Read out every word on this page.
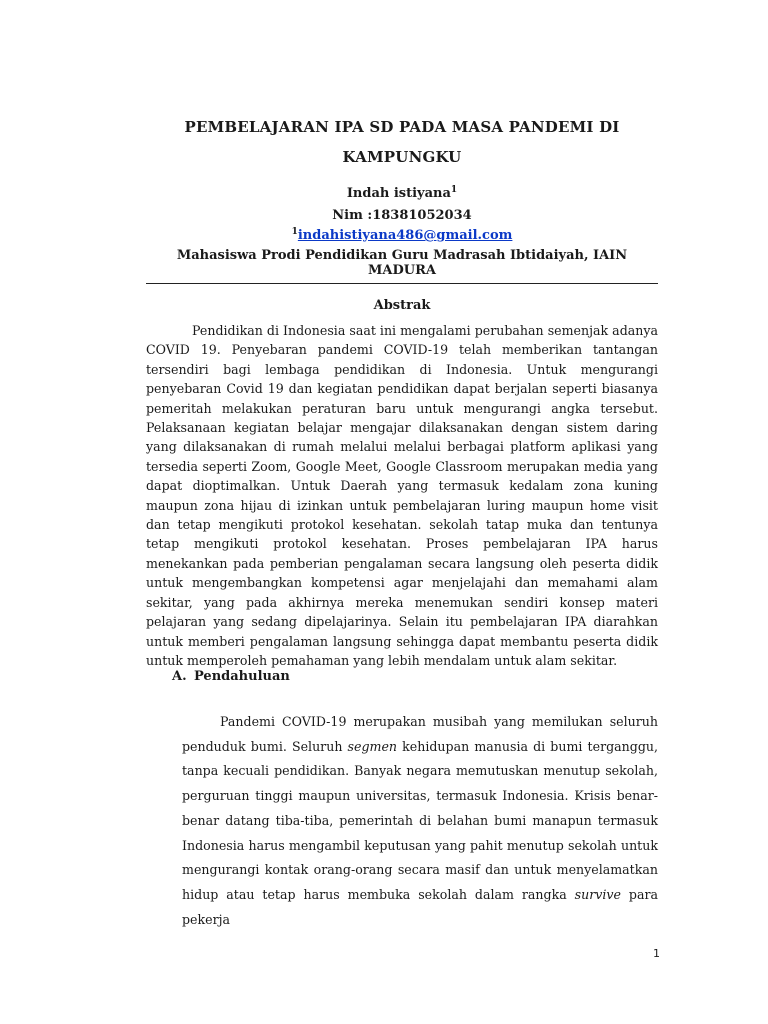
PEMBELAJARAN IPA SD PADA MASA PANDEMI DI
KAMPUNGKU
Indah istiyana$^1$
Nim :18381052034
$^1$indahistiyana486@gmail.com
Mahasiswa Prodi Pendidikan Guru Madrasah Ibtidaiyah, IAIN MADURA
Abstrak

Pendidikan di Indonesia saat ini mengalami perubahan semenjak adanya COVID 19. Penyebaran pandemi COVID-19 telah memberikan tantangan tersendiri bagi lembaga pendidikan di Indonesia. Untuk mengurangi penyebaran Covid 19 dan kegiatan pendidikan dapat berjalan seperti biasanya pemeritah melakukan peraturan baru untuk mengurangi angka tersebut. Pelaksanaan kegiatan belajar mengajar dilaksanakan dengan sistem daring yang dilaksanakan di rumah melalui melalui berbagai platform aplikasi yang tersedia seperti Zoom, Google Meet, Google Classroom merupakan media yang dapat dioptimalkan. Untuk Daerah yang termasuk kedalam zona kuning maupun zona hijau di izinkan untuk pembelajaran luring maupun home visit dan tetap mengikuti protokol kesehatan. sekolah tatap muka dan tentunya tetap mengikuti protokol kesehatan. Proses pembelajaran IPA harus menekankan pada pemberian pengalaman secara langsung oleh peserta didik untuk mengembangkan kompetensi agar menjelajahi dan memahami alam sekitar, yang pada akhirnya mereka menemukan sendiri konsep materi pelajaran yang sedang dipelajarinya. Selain itu pembelajaran IPA diarahkan untuk memberi pengalaman langsung sehingga dapat membantu peserta didik untuk memperoleh pemahaman yang lebih mendalam untuk alam sekitar.

A. Pendahuluan

Pandemi COVID-19 merupakan musibah yang memilukan seluruh penduduk bumi. Seluruh segmen kehidupan manusia di bumi terganggu, tanpa kecuali pendidikan. Banyak negara memutuskan menutup sekolah, perguruan tinggi maupun universitas, termasuk Indonesia. Krisis benar-benar datang tiba-tiba, pemerintah di belahan bumi manapun termasuk Indonesia harus mengambil keputusan yang pahit menutup sekolah untuk mengurangi kontak orang-orang secara masif dan untuk menyelamatkan hidup atau tetap harus membuka sekolah dalam rangka survive para pekerja

1
